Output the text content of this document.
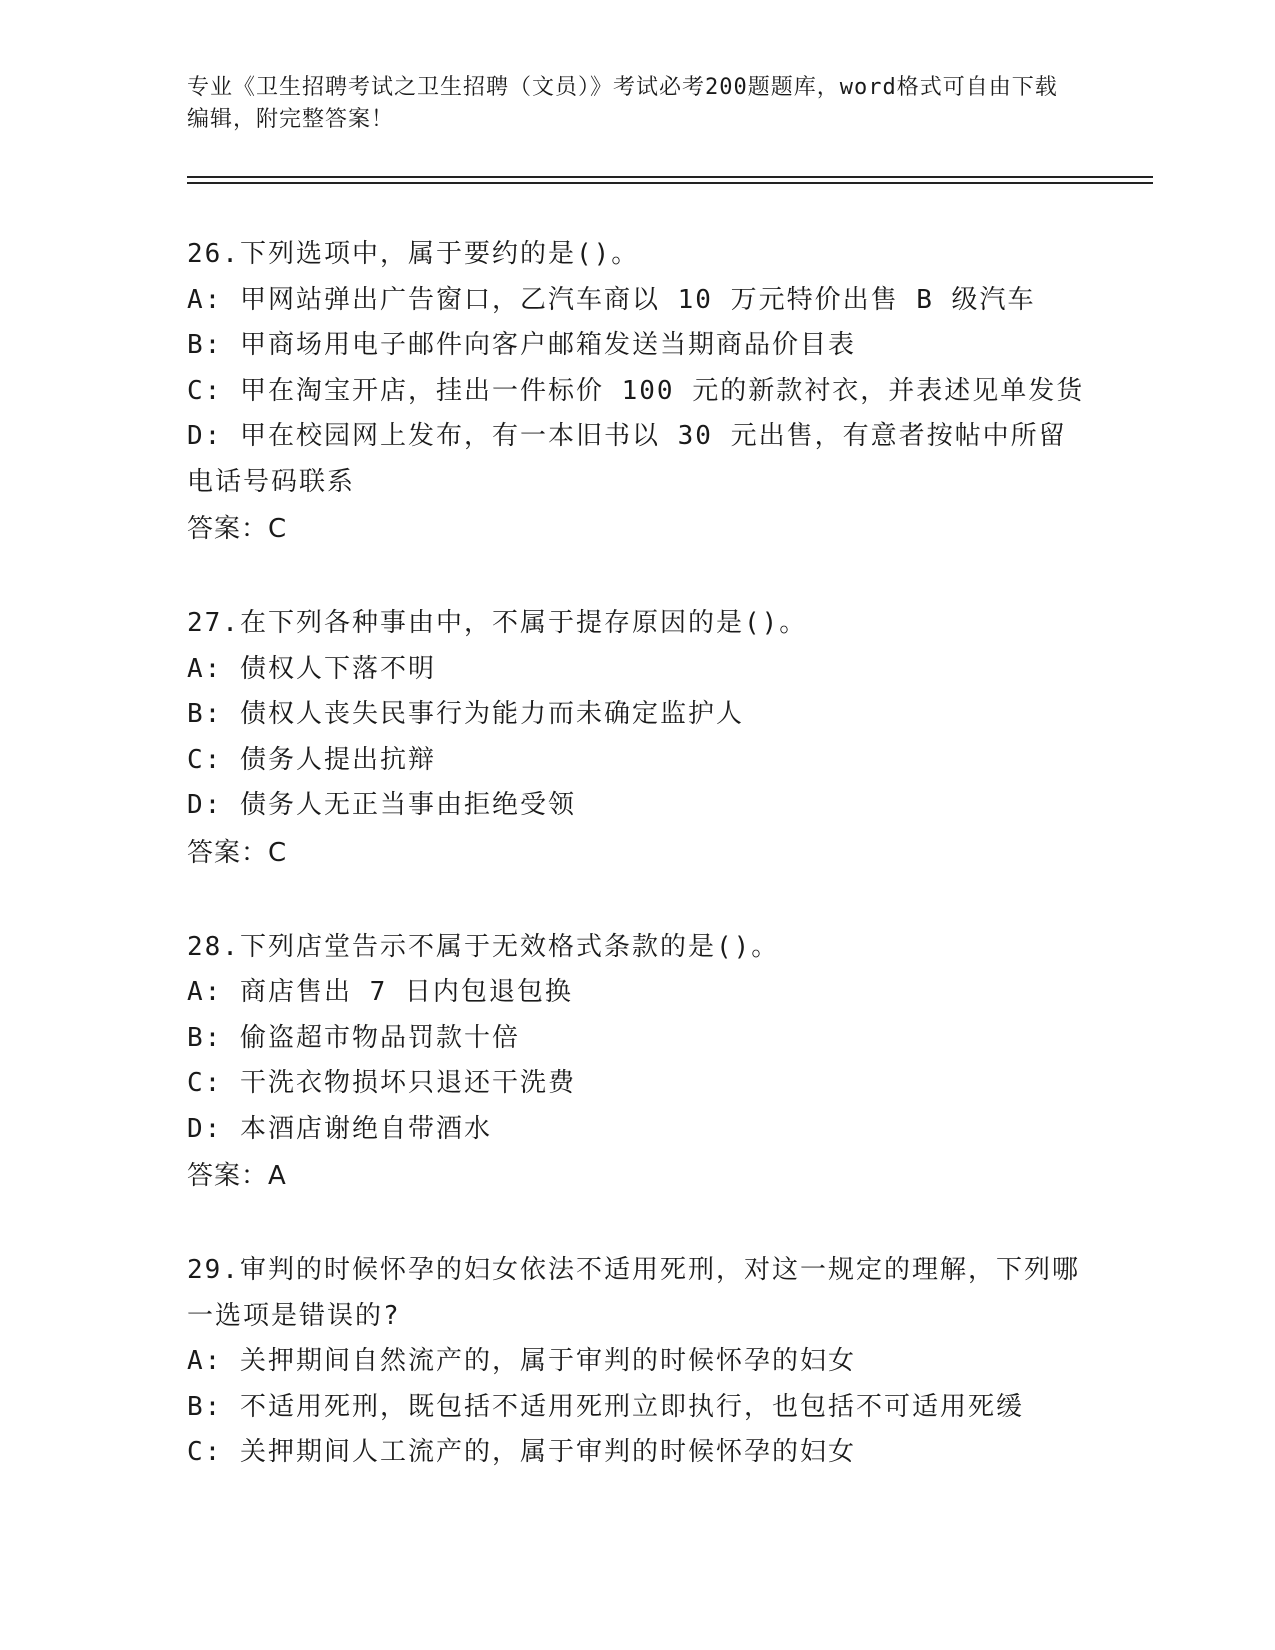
专业《卫生招聘考试之卫生招聘（文员）》考试必考200题题库，word格式可自由下载编辑，附完整答案！
26.下列选项中，属于要约的是()。
A: 甲网站弹出广告窗口，乙汽车商以 10 万元特价出售 B 级汽车
B: 甲商场用电子邮件向客户邮箱发送当期商品价目表
C: 甲在淘宝开店，挂出一件标价 100 元的新款衬衣，并表述见单发货
D: 甲在校园网上发布，有一本旧书以 30 元出售，有意者按帖中所留电话号码联系
答案：C
27.在下列各种事由中，不属于提存原因的是()。
A: 债权人下落不明
B: 债权人丧失民事行为能力而未确定监护人
C: 债务人提出抗辩
D: 债务人无正当事由拒绝受领
答案：C
28.下列店堂告示不属于无效格式条款的是()。
A: 商店售出 7 日内包退包换
B: 偷盗超市物品罚款十倍
C: 干洗衣物损坏只退还干洗费
D: 本酒店谢绝自带酒水
答案：A
29.审判的时候怀孕的妇女依法不适用死刑，对这一规定的理解，下列哪一选项是错误的?
A: 关押期间自然流产的，属于审判的时候怀孕的妇女
B: 不适用死刑，既包括不适用死刑立即执行，也包括不可适用死缓
C: 关押期间人工流产的，属于审判的时候怀孕的妇女
